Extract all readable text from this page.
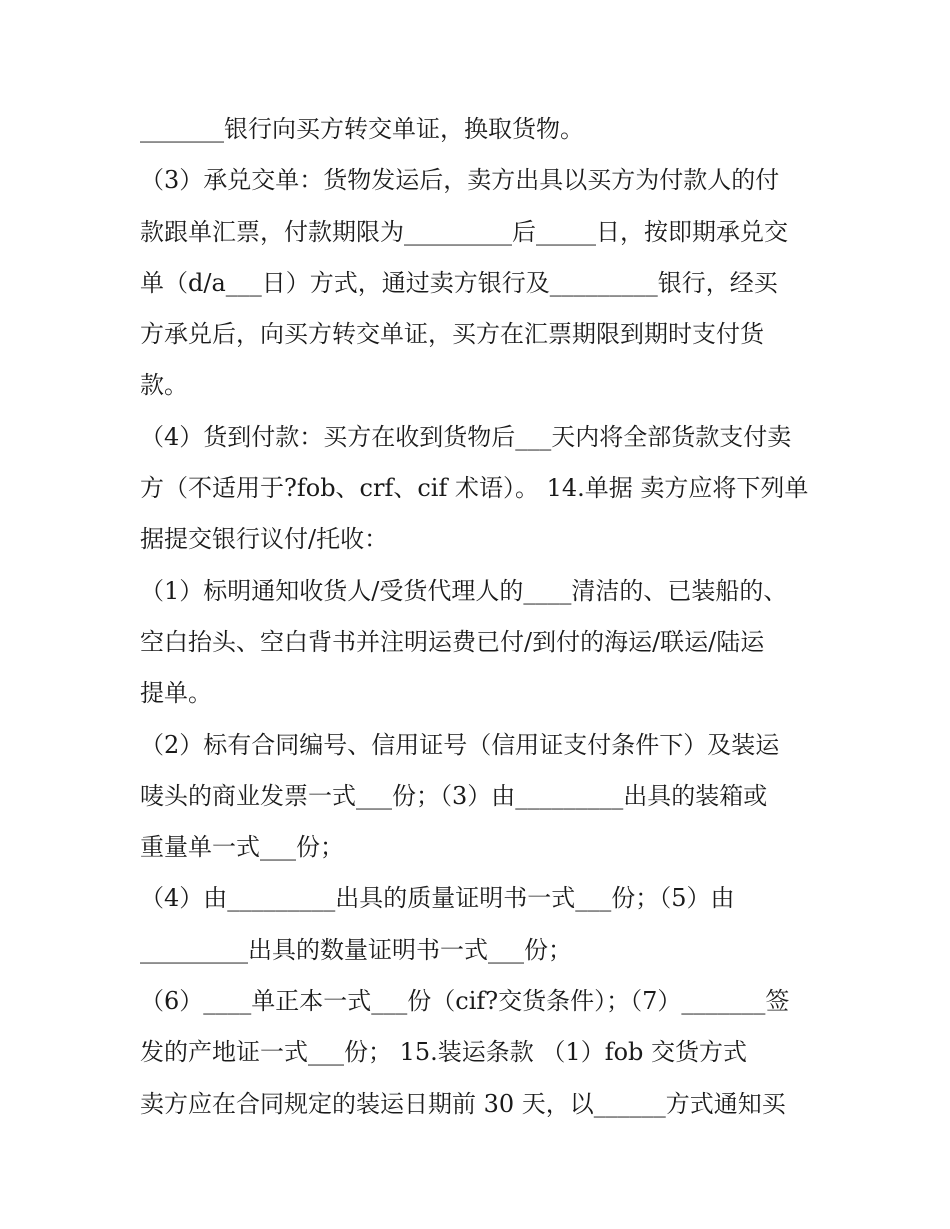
_______银行向买方转交单证，换取货物。
（3）承兑交单：货物发运后，卖方出具以买方为付款人的付
款跟单汇票，付款期限为_________后_____日，按即期承兑交
单（d/a___日）方式，通过卖方银行及_________银行，经买
方承兑后，向买方转交单证，买方在汇票期限到期时支付货
款。
（4）货到付款：买方在收到货物后___天内将全部货款支付卖
方（不适用于?fob、crf、cif 术语）。 14.单据 卖方应将下列单
据提交银行议付/托收：
（1）标明通知收货人/受货代理人的____清洁的、已装船的、
空白抬头、空白背书并注明运费已付/到付的海运/联运/陆运
提单。
（2）标有合同编号、信用证号（信用证支付条件下）及装运
唛头的商业发票一式___份；（3）由_________出具的装箱或
重量单一式___份；
（4）由_________出具的质量证明书一式___份；（5）由
_________出具的数量证明书一式___份；
（6）____单正本一式___份（cif?交货条件）；（7）_______签
发的产地证一式___份； 15.装运条款 （1）fob 交货方式
卖方应在合同规定的装运日期前 30 天，以______方式通知买
